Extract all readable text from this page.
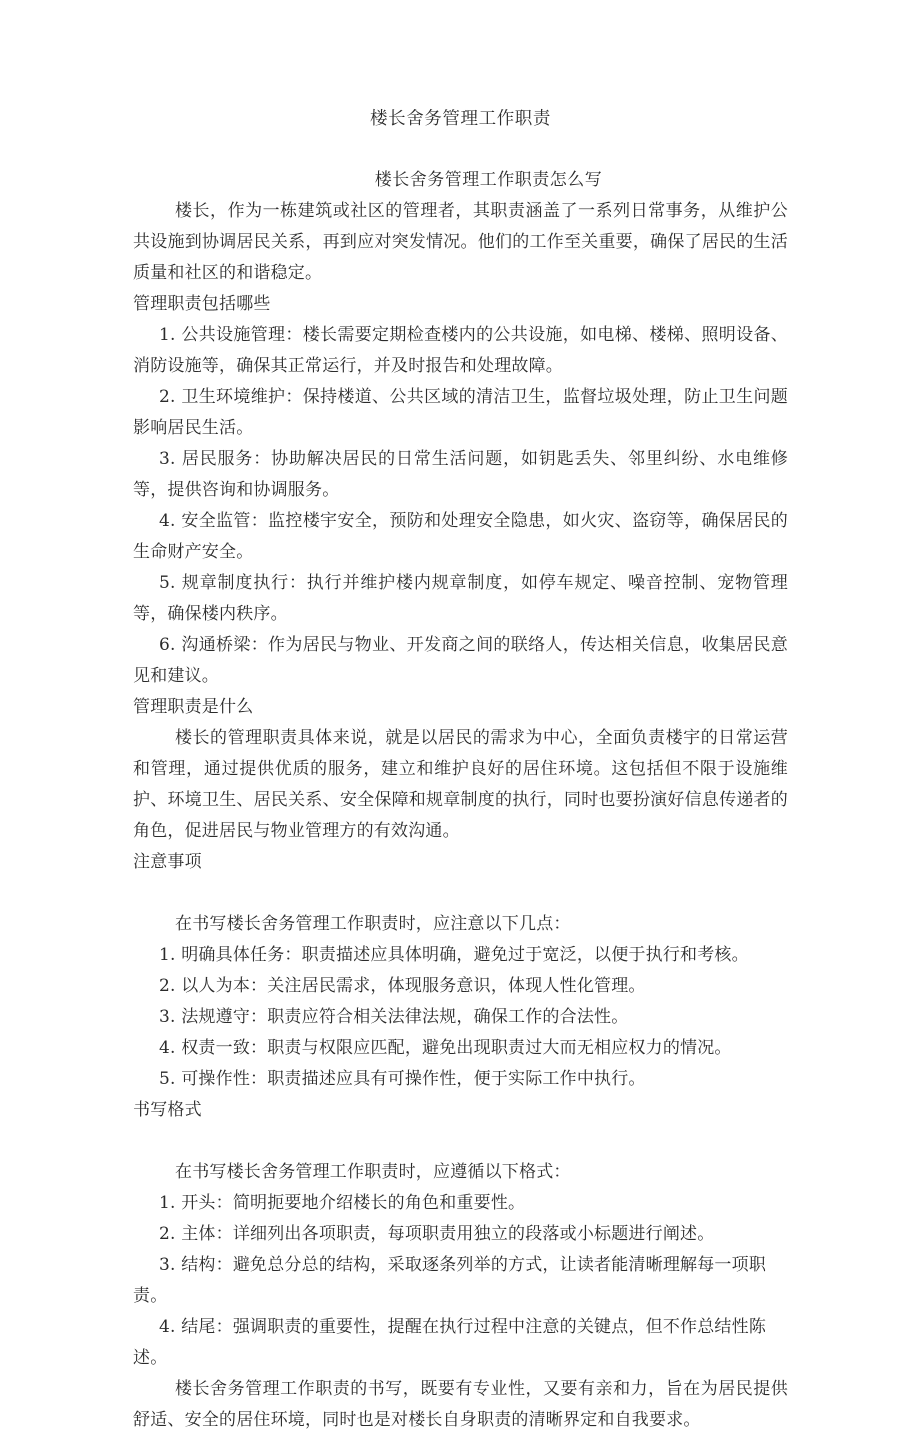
楼长舍务管理工作职责

楼长舍务管理工作职责怎么写

楼长，作为一栋建筑或社区的管理者，其职责涵盖了一系列日常事务，从维护公共设施到协调居民关系，再到应对突发情况。他们的工作至关重要，确保了居民的生活质量和社区的和谐稳定。

管理职责包括哪些

1. 公共设施管理：楼长需要定期检查楼内的公共设施，如电梯、楼梯、照明设备、消防设施等，确保其正常运行，并及时报告和处理故障。

2. 卫生环境维护：保持楼道、公共区域的清洁卫生，监督垃圾处理，防止卫生问题影响居民生活。

3. 居民服务：协助解决居民的日常生活问题，如钥匙丢失、邻里纠纷、水电维修等，提供咨询和协调服务。

4. 安全监管：监控楼宇安全，预防和处理安全隐患，如火灾、盗窃等，确保居民的生命财产安全。

5. 规章制度执行：执行并维护楼内规章制度，如停车规定、噪音控制、宠物管理等，确保楼内秩序。

6. 沟通桥梁：作为居民与物业、开发商之间的联络人，传达相关信息，收集居民意见和建议。

管理职责是什么

楼长的管理职责具体来说，就是以居民的需求为中心，全面负责楼宇的日常运营和管理，通过提供优质的服务，建立和维护良好的居住环境。这包括但不限于设施维护、环境卫生、居民关系、安全保障和规章制度的执行，同时也要扮演好信息传递者的角色，促进居民与物业管理方的有效沟通。

注意事项

在书写楼长舍务管理工作职责时，应注意以下几点：

1. 明确具体任务：职责描述应具体明确，避免过于宽泛，以便于执行和考核。

2. 以人为本：关注居民需求，体现服务意识，体现人性化管理。

3. 法规遵守：职责应符合相关法律法规，确保工作的合法性。

4. 权责一致：职责与权限应匹配，避免出现职责过大而无相应权力的情况。

5. 可操作性：职责描述应具有可操作性，便于实际工作中执行。

书写格式

在书写楼长舍务管理工作职责时，应遵循以下格式：

1. 开头：简明扼要地介绍楼长的角色和重要性。

2. 主体：详细列出各项职责，每项职责用独立的段落或小标题进行阐述。

3. 结构：避免总分总的结构，采取逐条列举的方式，让读者能清晰理解每一项职责。

4. 结尾：强调职责的重要性，提醒在执行过程中注意的关键点，但不作总结性陈述。

楼长舍务管理工作职责的书写，既要有专业性，又要有亲和力，旨在为居民提供舒适、安全的居住环境，同时也是对楼长自身职责的清晰界定和自我要求。
